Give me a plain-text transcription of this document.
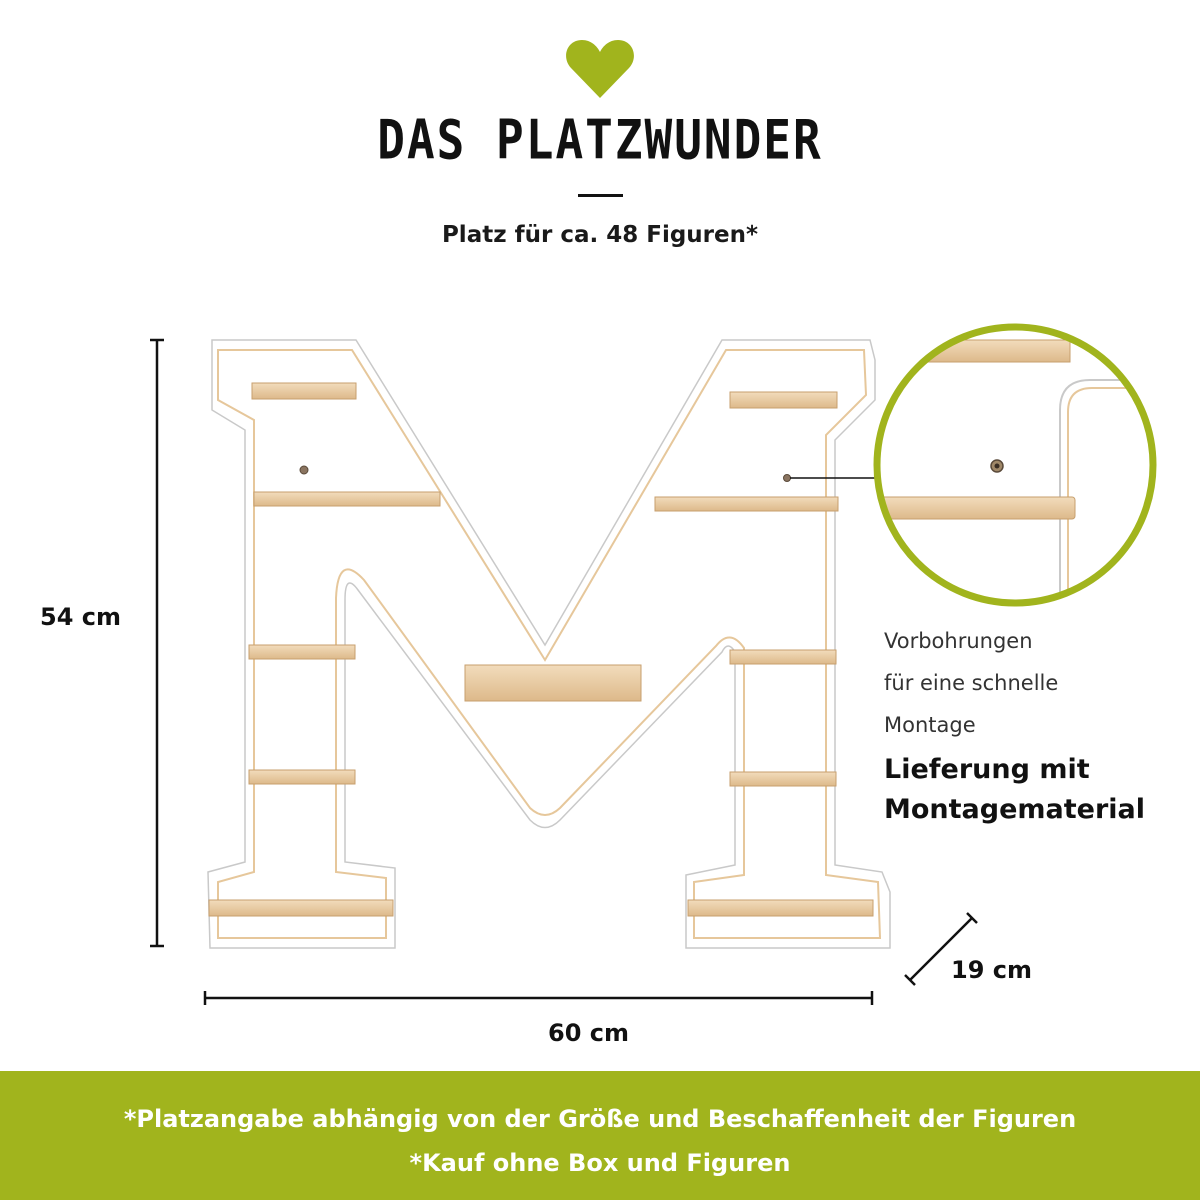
DAS PLATZWUNDER
Platz für ca. 48 Figuren*
54 cm
60 cm
19 cm
Vorbohrungen
für eine schnelle
Montage
Lieferung mit
Montagematerial
*Platzangabe abhängig von der Größe und Beschaffenheit der Figuren
*Kauf ohne Box und Figuren
